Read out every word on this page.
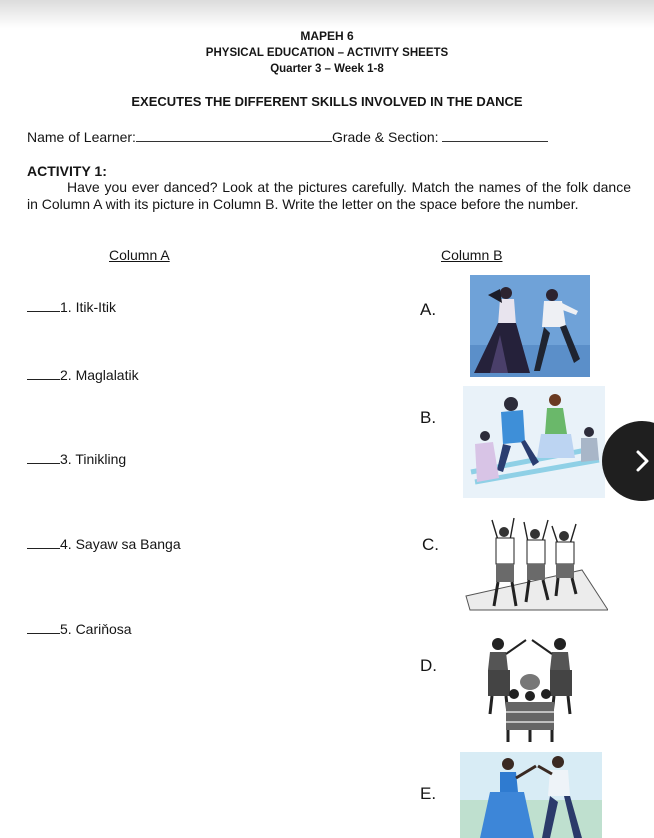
MAPEH 6
PHYSICAL EDUCATION – ACTIVITY SHEETS
Quarter 3 – Week 1-8
EXECUTES THE DIFFERENT SKILLS INVOLVED IN THE DANCE
Name of Learner:	Grade & Section:
ACTIVITY 1:
Have you ever danced? Look at the pictures carefully. Match the names of the folk dance in Column A with its picture in Column B. Write the letter on the space before the number.
Column A	Column B
1. Itik-Itik
2. Maglalatik
3. Tinikling
4. Sayaw sa Banga
5. Cariňosa
A.
B.
C.
D.
E.
